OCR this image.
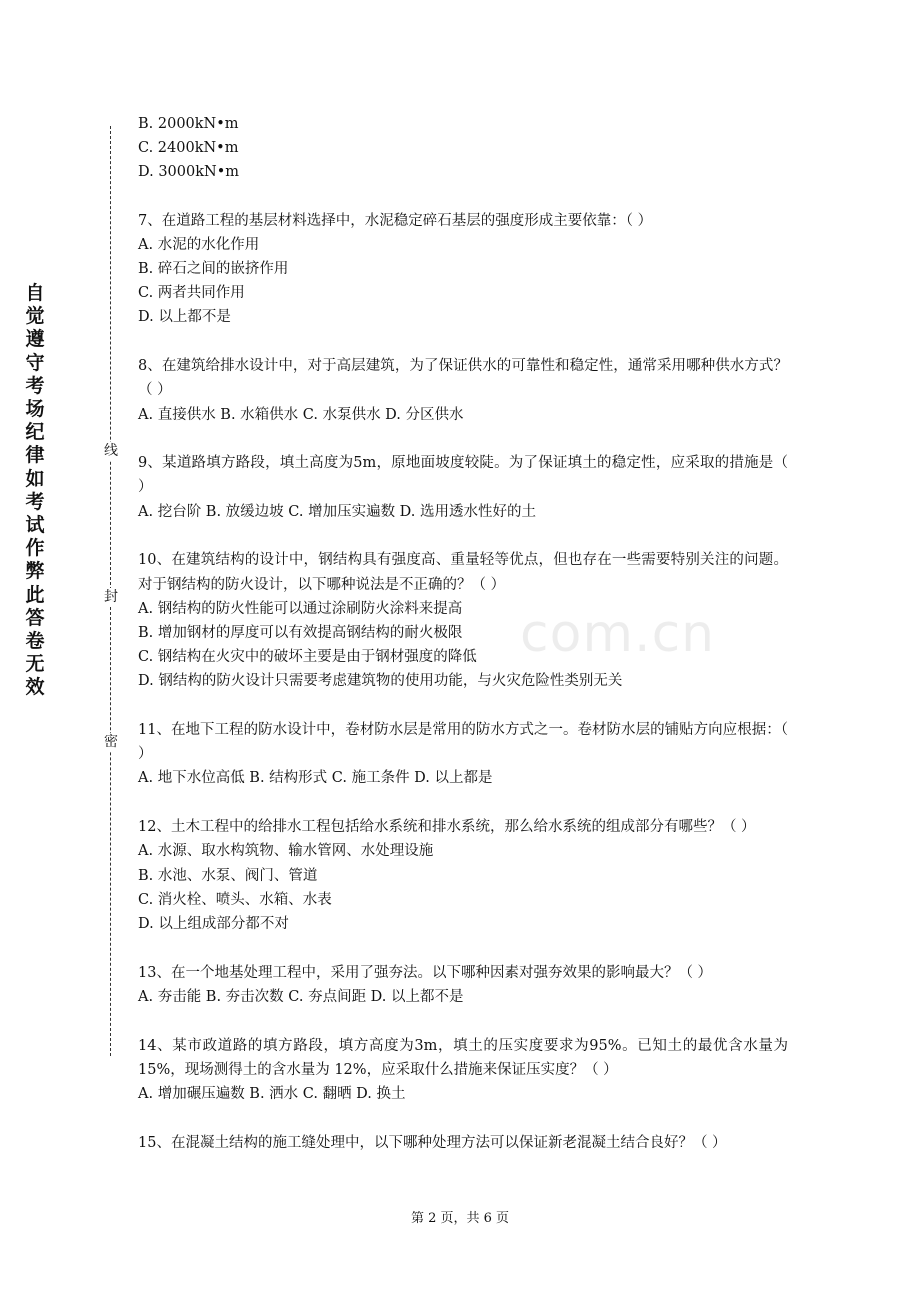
自觉遵守考场纪律如考试作弊此答卷无效
线
封
密
com.cn
B. 2000kN•m
C. 2400kN•m
D. 3000kN•m
7、在道路工程的基层材料选择中，水泥稳定碎石基层的强度形成主要依靠：（ ）
A. 水泥的水化作用
B. 碎石之间的嵌挤作用
C. 两者共同作用
D. 以上都不是
8、在建筑给排水设计中，对于高层建筑，为了保证供水的可靠性和稳定性，通常采用哪种供水方式？（ ）
A. 直接供水 B. 水箱供水 C. 水泵供水 D. 分区供水
9、某道路填方路段，填土高度为5m，原地面坡度较陡。为了保证填土的稳定性，应采取的措施是（ ）
A. 挖台阶 B. 放缓边坡 C. 增加压实遍数 D. 选用透水性好的土
10、在建筑结构的设计中，钢结构具有强度高、重量轻等优点，但也存在一些需要特别关注的问题。对于钢结构的防火设计，以下哪种说法是不正确的？（ ）
A. 钢结构的防火性能可以通过涂刷防火涂料来提高
B. 增加钢材的厚度可以有效提高钢结构的耐火极限
C. 钢结构在火灾中的破坏主要是由于钢材强度的降低
D. 钢结构的防火设计只需要考虑建筑物的使用功能，与火灾危险性类别无关
11、在地下工程的防水设计中，卷材防水层是常用的防水方式之一。卷材防水层的铺贴方向应根据：（ ）
A. 地下水位高低 B. 结构形式 C. 施工条件 D. 以上都是
12、土木工程中的给排水工程包括给水系统和排水系统，那么给水系统的组成部分有哪些？（ ）
A. 水源、取水构筑物、输水管网、水处理设施
B. 水池、水泵、阀门、管道
C. 消火栓、喷头、水箱、水表
D. 以上组成部分都不对
13、在一个地基处理工程中，采用了强夯法。以下哪种因素对强夯效果的影响最大？（ ）
A. 夯击能 B. 夯击次数 C. 夯点间距 D. 以上都不是
14、某市政道路的填方路段，填方高度为3m，填土的压实度要求为95%。已知土的最优含水量为 15%，现场测得土的含水量为 12%，应采取什么措施来保证压实度？（ ）
A. 增加碾压遍数 B. 洒水 C. 翻晒 D. 换土
15、在混凝土结构的施工缝处理中，以下哪种处理方法可以保证新老混凝土结合良好？（ ）
第 2 页，共 6 页
